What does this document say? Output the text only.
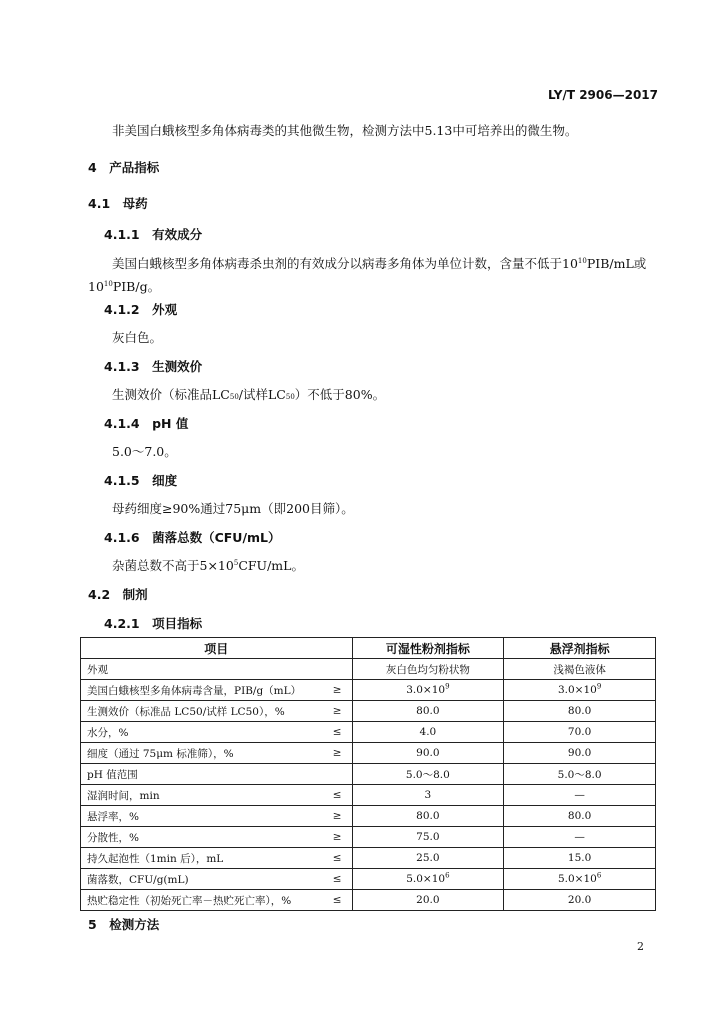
LY/T 2906—2017
非美国白蛾核型多角体病毒类的其他微生物，检测方法中5.13中可培养出的微生物。
4　产品指标
4.1　母药
4.1.1　有效成分
美国白蛾核型多角体病毒杀虫剂的有效成分以病毒多角体为单位计数，含量不低于$10^{10}PIB/mL$或
$10^{10}PIB/g$。
4.1.2　外观
灰白色。
4.1.3　生测效价
生测效价（标准品LC50/试样LC50）不低于80%。
4.1.4　pH 值
5.0～7.0。
4.1.5　细度
母药细度≥90%通过75μm（即200目筛）。
4.1.6　菌落总数（CFU/mL）
杂菌总数不高于$5\times 10^5CFU/mL$。
4.2　制剂
4.2.1　项目指标
项目	可湿性粉剂指标	悬浮剂指标

外观	灰白色均匀粉状物	浅褐色液体

美国白蛾核型多角体病毒含量，PIB/g（mL） ≥	$3.0\times 10^9$	$3.0\times 10^9$

生测效价（标准品 LC50/试样 LC50），% ≥	80.0	80.0

水分，% ≤	4.0	70.0

细度（通过 75μm 标准筛），% ≥	90.0	90.0

pH 值范围	5.0～8.0	5.0～8.0

湿润时间，min ≤	3	—

悬浮率，% ≥	80.0	80.0

分散性，% ≥	75.0	—

持久起泡性（1min 后），mL ≤	25.0	15.0

菌落数，CFU/g(mL) ≤	$5.0\times 10^6$	$5.0\times 10^6$

热贮稳定性（初始死亡率－热贮死亡率），% ≤	20.0	20.0
5　检测方法
2
